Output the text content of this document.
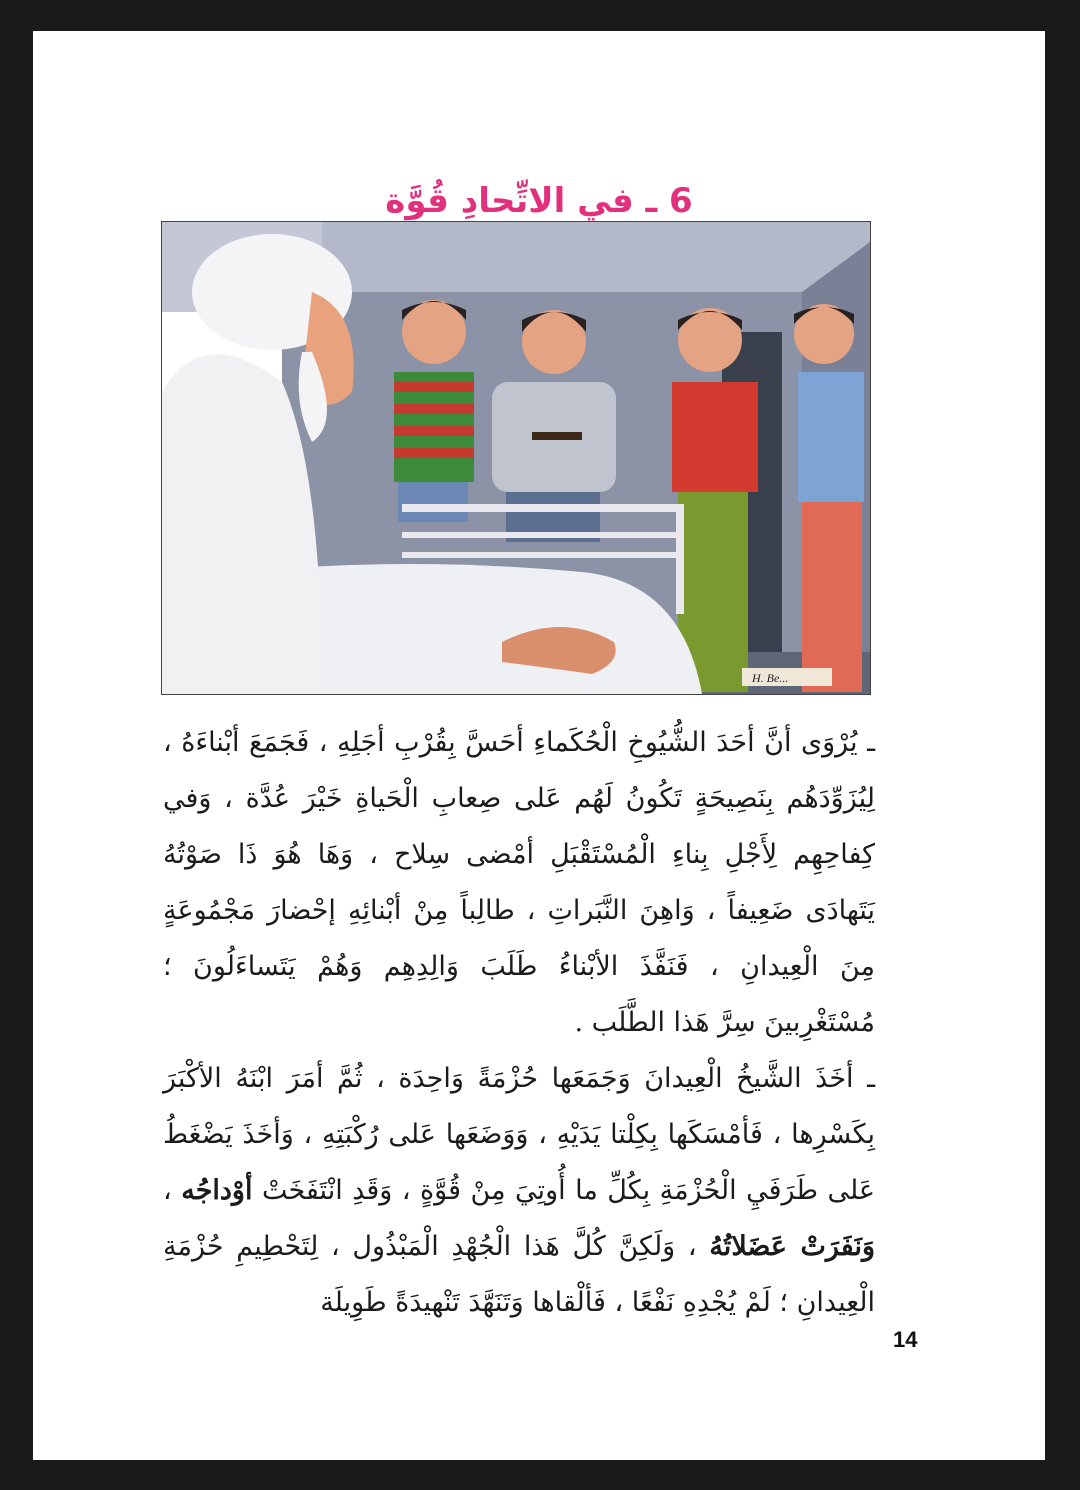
6 ـ في الاتِّحادِ قُوَّة
H. Be...

ـ يُرْوَى أنَّ أحَدَ الشُّيُوخِ الْحُكَماءِ أحَسَّ بِقُرْبِ أجَلِهِ ، فَجَمَعَ أبْناءَهُ ، لِيُزَوِّدَهُم بِنَصِيحَةٍ تَكُونُ لَهُم عَلى صِعابِ الْحَياةِ خَيْرَ عُدَّة ، وَفي كِفاحِهِم لِأَجْلِ بِناءِ الْمُسْتَقْبَلِ أمْضى سِلاح ، وَهَا هُوَ ذَا صَوْتُهُ يَتَهادَى ضَعِيفاً ، وَاهِنَ النَّبَراتِ ، طالِباً مِنْ أبْنائِهِ إحْضارَ مَجْمُوعَةٍ مِنَ الْعِيدانِ ، فَنَفَّذَ الأبْناءُ طَلَبَ وَالِدِهِم وَهُمْ يَتَساءَلُونَ ؛ مُسْتَغْرِبينَ سِرَّ هَذا الطَّلَب .

ـ أخَذَ الشَّيخُ الْعِيدانَ وَجَمَعَها حُزْمَةً وَاحِدَة ، ثُمَّ أمَرَ ابْنَهُ الأكْبَرَ بِكَسْرِها ، فَأمْسَكَها بِكِلْتا يَدَيْهِ ، وَوَضَعَها عَلى رُكْبَتِهِ ، وَأخَذَ يَضْغَطُ عَلى طَرَفَيِ الْحُزْمَةِ بِكُلِّ ما أُوتِيَ مِنْ قُوَّةٍ ، وَقَدِ انْتَفَخَتْ أوْداجُه ، وَنَفَرَتْ عَضَلاتُهُ ، وَلَكِنَّ كُلَّ هَذا الْجُهْدِ الْمَبْذُول ، لِتَحْطِيمِ حُزْمَةِ الْعِيدانِ ؛ لَمْ يُجْدِهِ نَفْعًا ، فَألْقاها وَتَنَهَّدَ تَنْهيدَةً طَوِيلَة

14
